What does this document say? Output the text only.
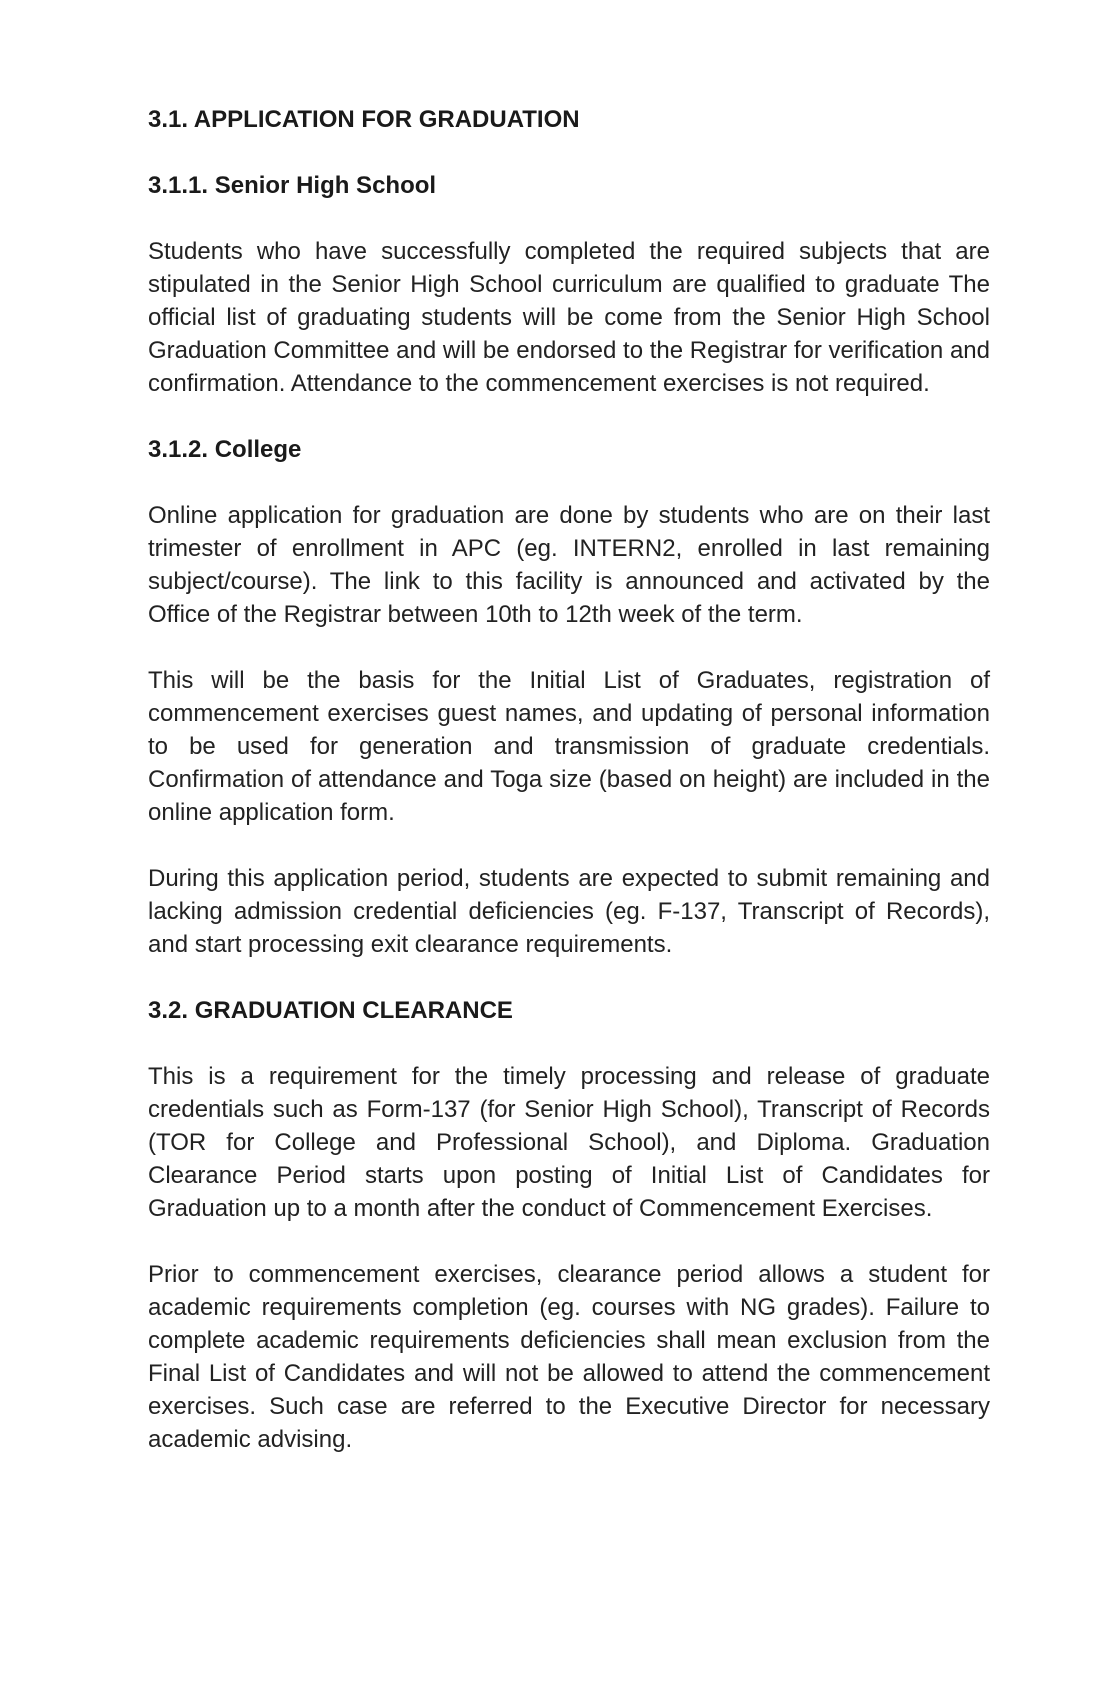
3.1. APPLICATION FOR GRADUATION
3.1.1. Senior High School

Students who have successfully completed the required subjects that are stipulated in the Senior High School curriculum are qualified to graduate The official list of graduating students will be come from the Senior High School Graduation Committee and will be endorsed to the Registrar for verification and confirmation. Attendance to the commencement exercises is not required.

3.1.2. College

Online application for graduation are done by students who are on their last trimester of enrollment in APC (eg. INTERN2, enrolled in last remaining subject/course). The link to this facility is announced and activated by the Office of the Registrar between 10th to 12th week of the term.

This will be the basis for the Initial List of Graduates, registration of commencement exercises guest names, and updating of personal information to be used for generation and transmission of graduate credentials. Confirmation of attendance and Toga size (based on height) are included in the online application form.

During this application period, students are expected to submit remaining and lacking admission credential deficiencies (eg. F-137, Transcript of Records), and start processing exit clearance requirements.

3.2. GRADUATION CLEARANCE

This is a requirement for the timely processing and release of graduate credentials such as Form-137 (for Senior High School), Transcript of Records (TOR for College and Professional School), and Diploma. Graduation Clearance Period starts upon posting of Initial List of Candidates for Graduation up to a month after the conduct of Commencement Exercises.

Prior to commencement exercises, clearance period allows a student for academic requirements completion (eg. courses with NG grades). Failure to complete academic requirements deficiencies shall mean exclusion from the Final List of Candidates and will not be allowed to attend the commencement exercises. Such case are referred to the Executive Director for necessary academic advising.
